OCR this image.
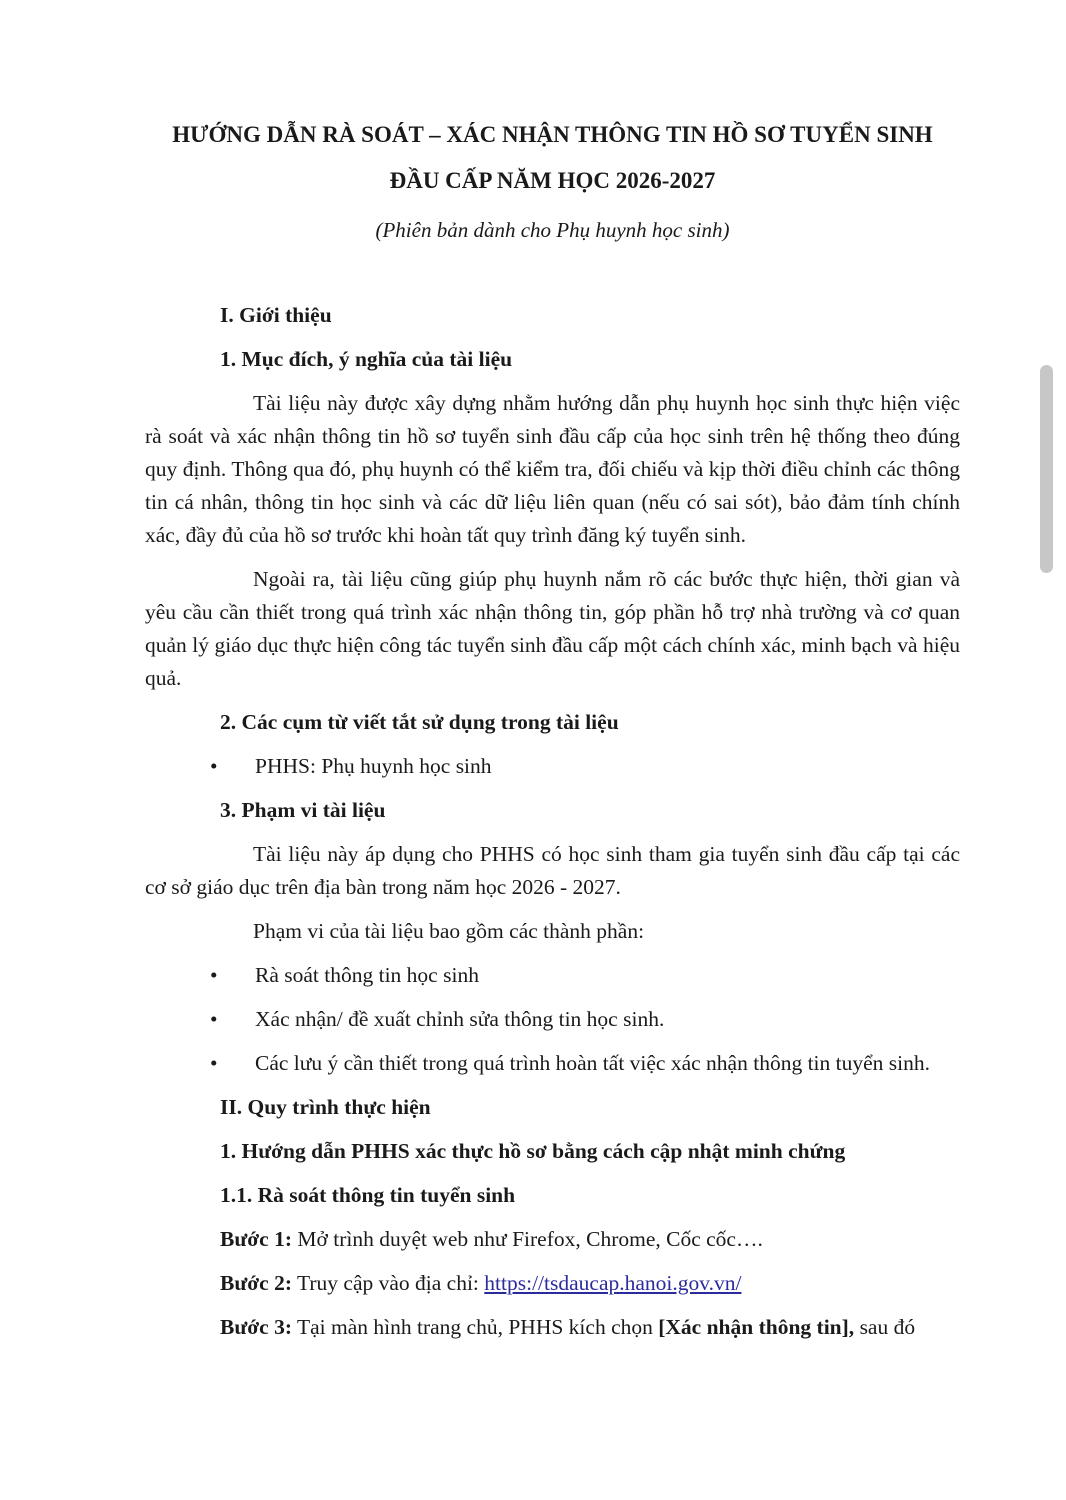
HƯỚNG DẪN RÀ SOÁT – XÁC NHẬN THÔNG TIN HỒ SƠ TUYỂN SINH
ĐẦU CẤP NĂM HỌC 2026-2027
(Phiên bản dành cho Phụ huynh học sinh)
I. Giới thiệu
1. Mục đích, ý nghĩa của tài liệu

Tài liệu này được xây dựng nhằm hướng dẫn phụ huynh học sinh thực hiện việc rà soát và xác nhận thông tin hồ sơ tuyển sinh đầu cấp của học sinh trên hệ thống theo đúng quy định. Thông qua đó, phụ huynh có thể kiểm tra, đối chiếu và kịp thời điều chỉnh các thông tin cá nhân, thông tin học sinh và các dữ liệu liên quan (nếu có sai sót), bảo đảm tính chính xác, đầy đủ của hồ sơ trước khi hoàn tất quy trình đăng ký tuyển sinh.

Ngoài ra, tài liệu cũng giúp phụ huynh nắm rõ các bước thực hiện, thời gian và yêu cầu cần thiết trong quá trình xác nhận thông tin, góp phần hỗ trợ nhà trường và cơ quan quản lý giáo dục thực hiện công tác tuyển sinh đầu cấp một cách chính xác, minh bạch và hiệu quả.

2. Các cụm từ viết tắt sử dụng trong tài liệu

• PHHS: Phụ huynh học sinh

3. Phạm vi tài liệu

Tài liệu này áp dụng cho PHHS có học sinh tham gia tuyển sinh đầu cấp tại các cơ sở giáo dục trên địa bàn trong năm học 2026 - 2027.

Phạm vi của tài liệu bao gồm các thành phần:

• Rà soát thông tin học sinh

• Xác nhận/ đề xuất chỉnh sửa thông tin học sinh.

• Các lưu ý cần thiết trong quá trình hoàn tất việc xác nhận thông tin tuyển sinh.

II. Quy trình thực hiện
1. Hướng dẫn PHHS xác thực hồ sơ bằng cách cập nhật minh chứng
1.1. Rà soát thông tin tuyển sinh

Bước 1: Mở trình duyệt web như Firefox, Chrome, Cốc cốc….

Bước 2: Truy cập vào địa chỉ: https://tsdaucap.hanoi.gov.vn/

Bước 3: Tại màn hình trang chủ, PHHS kích chọn [Xác nhận thông tin], sau đó
